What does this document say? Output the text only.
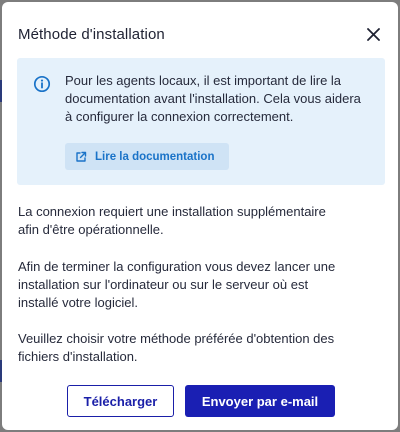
Méthode d'installation
Pour les agents locaux, il est important de lire la documentation avant l'installation. Cela vous aidera à configurer la connexion correctement.
Lire la documentation
La connexion requiert une installation supplémentaire afin d'être opérationnelle.
Afin de terminer la configuration vous devez lancer une installation sur l'ordinateur ou sur le serveur où est installé votre logiciel.
Veuillez choisir votre méthode préférée d'obtention des fichiers d'installation.
Télécharger	Envoyer par e-mail
